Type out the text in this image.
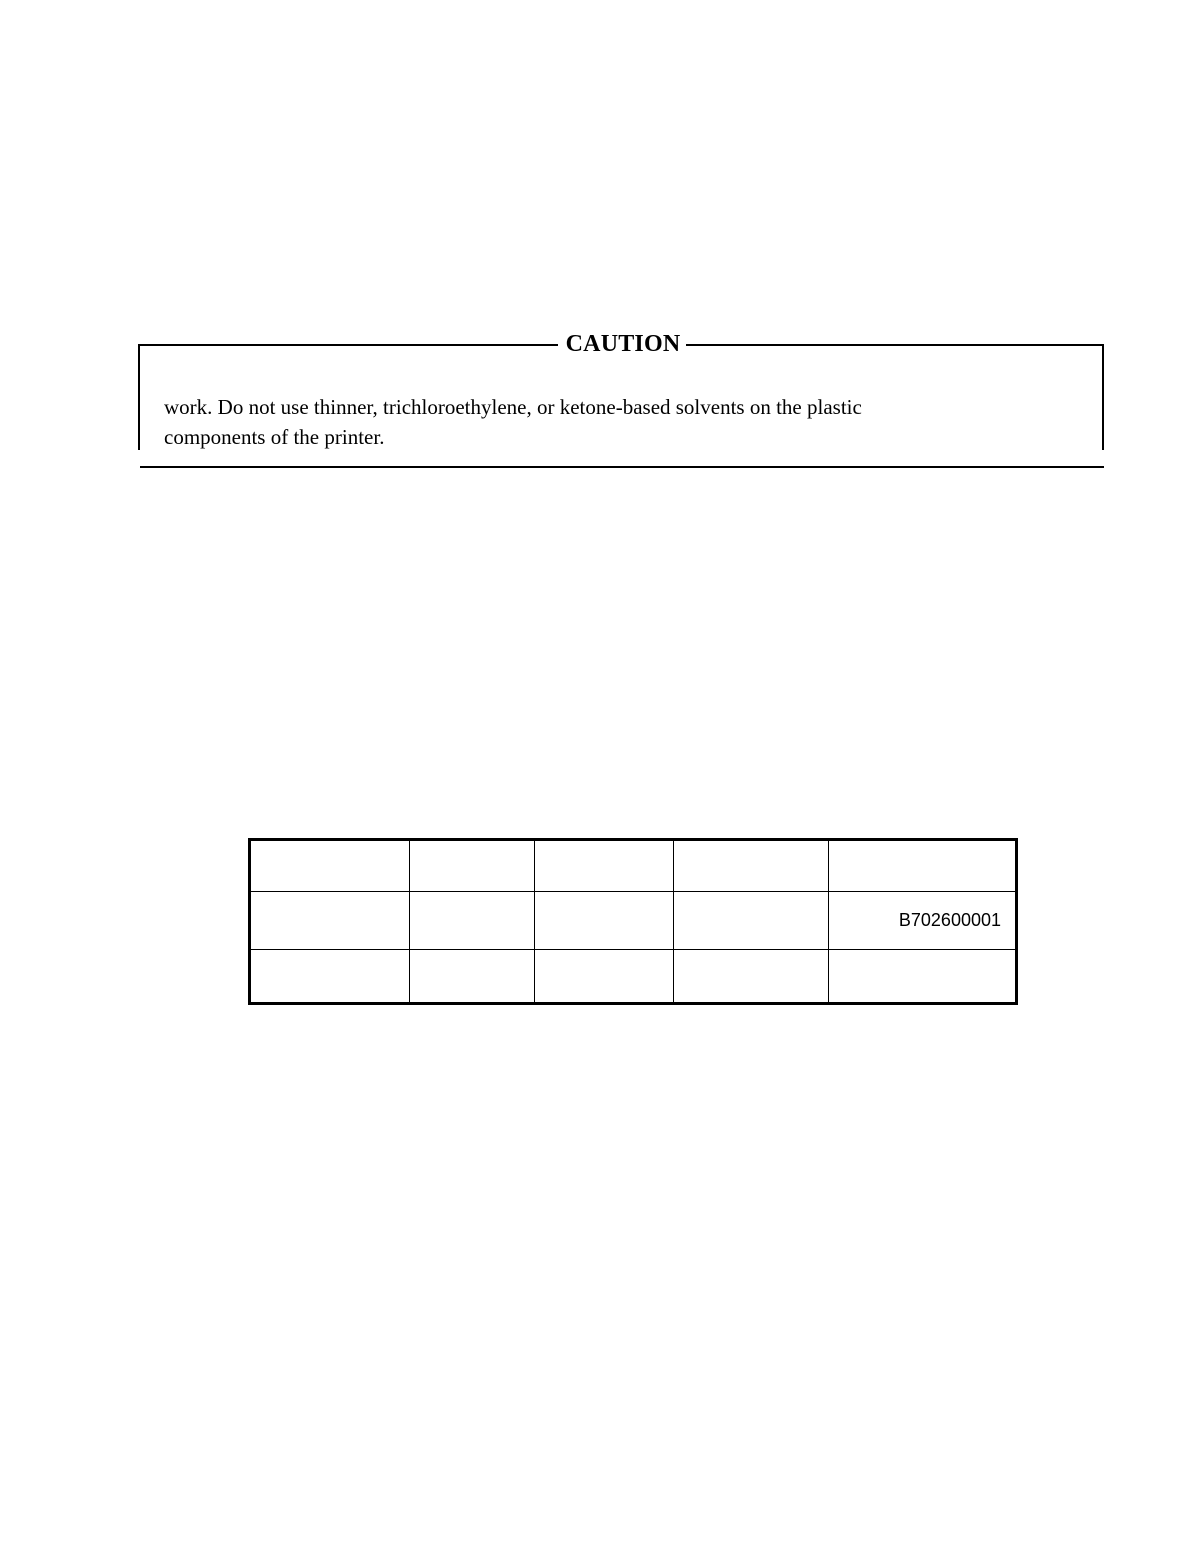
CAUTION

work. Do not use thinner, trichloroethylene, or ketone-based solvents on the plastic

components of the printer.

				B702600001
